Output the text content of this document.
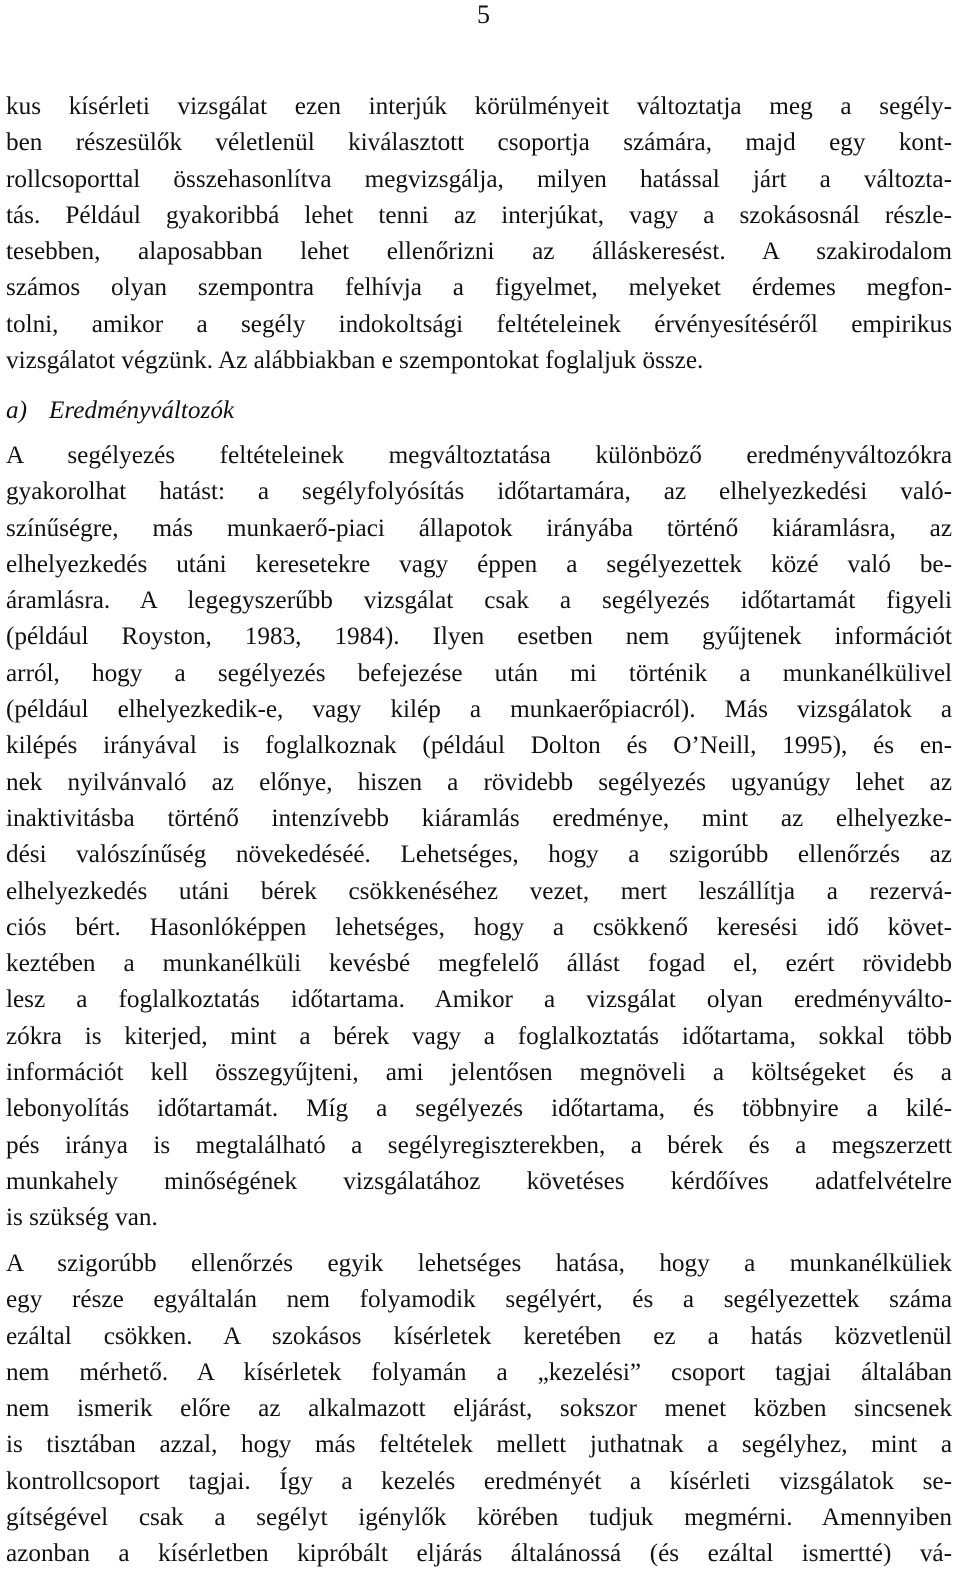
5
kus kísérleti vizsgálat ezen interjúk körülményeit változtatja meg a segély-
ben részesülők véletlenül kiválasztott csoportja számára, majd egy kont-
rollcsoporttal összehasonlítva megvizsgálja, milyen hatással járt a változta-
tás. Például gyakoribbá lehet tenni az interjúkat, vagy a szokásosnál részle-
tesebben, alaposabban lehet ellenőrizni az álláskeresést. A szakirodalom
számos olyan szempontra felhívja a figyelmet, melyeket érdemes megfon-
tolni, amikor a segély indokoltsági feltételeinek érvényesítéséről empirikus
vizsgálatot végzünk. Az alábbiakban e szempontokat foglaljuk össze.
a) Eredményváltozók
A segélyezés feltételeinek megváltoztatása különböző eredményváltozókra
gyakorolhat hatást: a segélyfolyósítás időtartamára, az elhelyezkedési való-
színűségre, más munkaerő-piaci állapotok irányába történő kiáramlásra, az
elhelyezkedés utáni keresetekre vagy éppen a segélyezettek közé való be-
áramlásra. A legegyszerűbb vizsgálat csak a segélyezés időtartamát figyeli
(például Royston, 1983, 1984). Ilyen esetben nem gyűjtenek információt
arról, hogy a segélyezés befejezése után mi történik a munkanélkülivel
(például elhelyezkedik-e, vagy kilép a munkaerőpiacról). Más vizsgálatok a
kilépés irányával is foglalkoznak (például Dolton és O’Neill, 1995), és en-
nek nyilvánvaló az előnye, hiszen a rövidebb segélyezés ugyanúgy lehet az
inaktivitásba történő intenzívebb kiáramlás eredménye, mint az elhelyezke-
dési valószínűség növekedéséé. Lehetséges, hogy a szigorúbb ellenőrzés az
elhelyezkedés utáni bérek csökkenéséhez vezet, mert leszállítja a rezervá-
ciós bért. Hasonlóképpen lehetséges, hogy a csökkenő keresési idő követ-
keztében a munkanélküli kevésbé megfelelő állást fogad el, ezért rövidebb
lesz a foglalkoztatás időtartama. Amikor a vizsgálat olyan eredményválto-
zókra is kiterjed, mint a bérek vagy a foglalkoztatás időtartama, sokkal több
információt kell összegyűjteni, ami jelentősen megnöveli a költségeket és a
lebonyolítás időtartamát. Míg a segélyezés időtartama, és többnyire a kilé-
pés iránya is megtalálható a segélyregiszterekben, a bérek és a megszerzett
munkahely minőségének vizsgálatához követéses kérdőíves adatfelvételre
is szükség van.
A szigorúbb ellenőrzés egyik lehetséges hatása, hogy a munkanélküliek
egy része egyáltalán nem folyamodik segélyért, és a segélyezettek száma
ezáltal csökken. A szokásos kísérletek keretében ez a hatás közvetlenül
nem mérhető. A kísérletek folyamán a „kezelési” csoport tagjai általában
nem ismerik előre az alkalmazott eljárást, sokszor menet közben sincsenek
is tisztában azzal, hogy más feltételek mellett juthatnak a segélyhez, mint a
kontrollcsoport tagjai. Így a kezelés eredményét a kísérleti vizsgálatok se-
gítségével csak a segélyt igénylők körében tudjuk megmérni. Amennyiben
azonban a kísérletben kipróbált eljárás általánossá (és ezáltal ismertté) vá-
